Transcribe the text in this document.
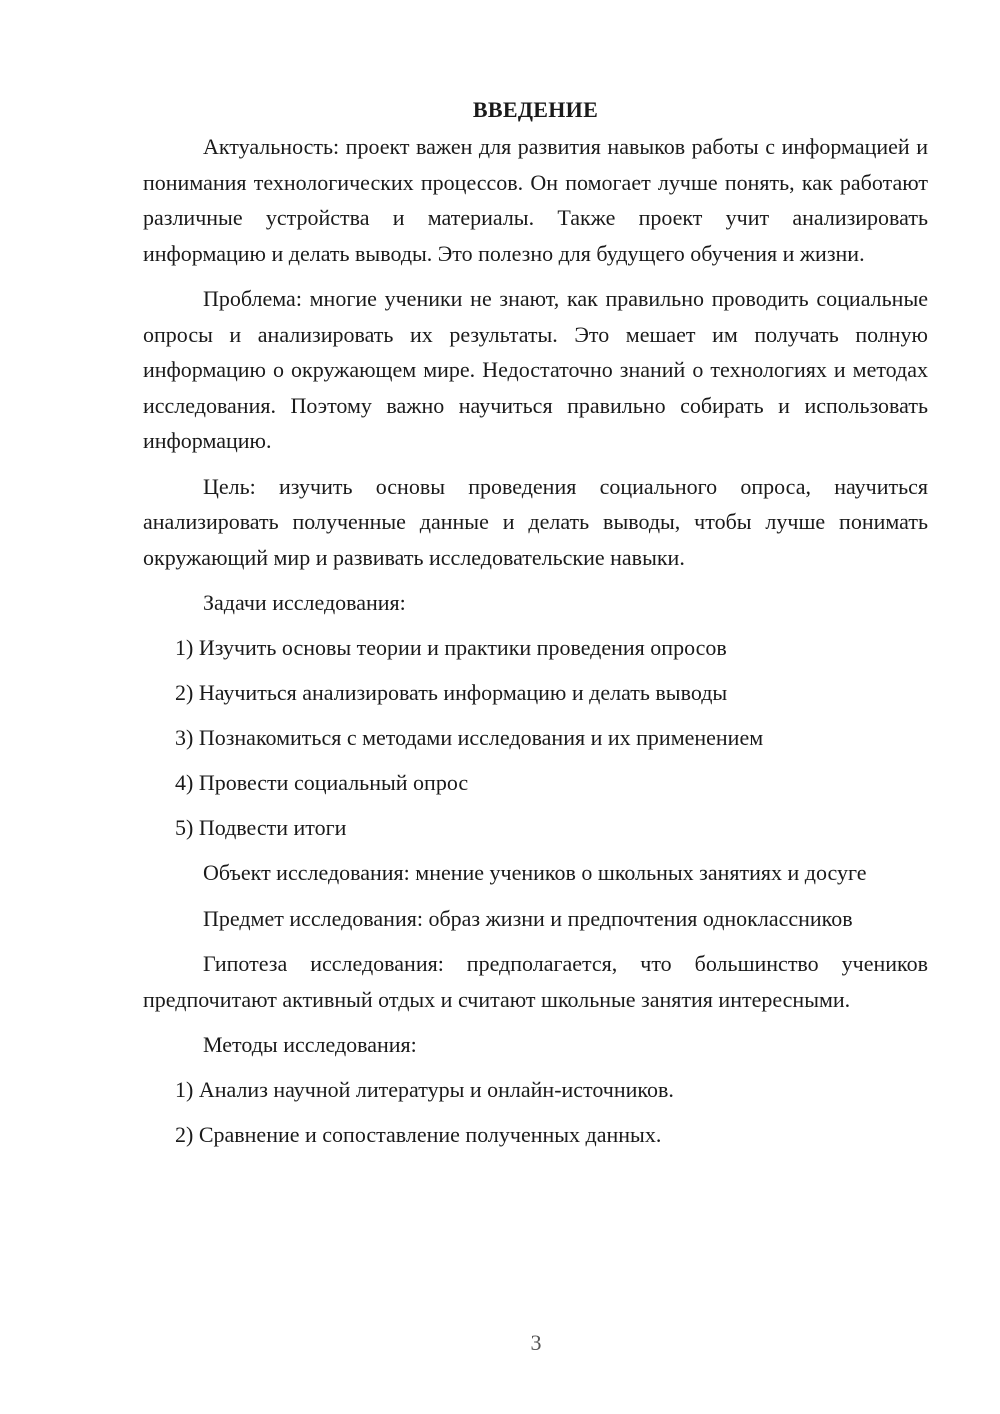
ВВЕДЕНИЕ

Актуальность: проект важен для развития навыков работы с информацией и понимания технологических процессов. Он помогает лучше понять, как работают различные устройства и материалы. Также проект учит анализировать информацию и делать выводы. Это полезно для будущего обучения и жизни.

Проблема: многие ученики не знают, как правильно проводить социальные опросы и анализировать их результаты. Это мешает им получать полную информацию о окружающем мире. Недостаточно знаний о технологиях и методах исследования. Поэтому важно научиться правильно собирать и использовать информацию.

Цель: изучить основы проведения социального опроса, научиться анализировать полученные данные и делать выводы, чтобы лучше понимать окружающий мир и развивать исследовательские навыки.

Задачи исследования:
1) Изучить основы теории и практики проведения опросов
2) Научиться анализировать информацию и делать выводы
3) Познакомиться с методами исследования и их применением
4) Провести социальный опрос
5) Подвести итоги

Объект исследования: мнение учеников о школьных занятиях и досуге

Предмет исследования: образ жизни и предпочтения одноклассников

Гипотеза исследования: предполагается, что большинство учеников предпочитают активный отдых и считают школьные занятия интересными.

Методы исследования:
1) Анализ научной литературы и онлайн-источников.
2) Сравнение и сопоставление полученных данных.
3
